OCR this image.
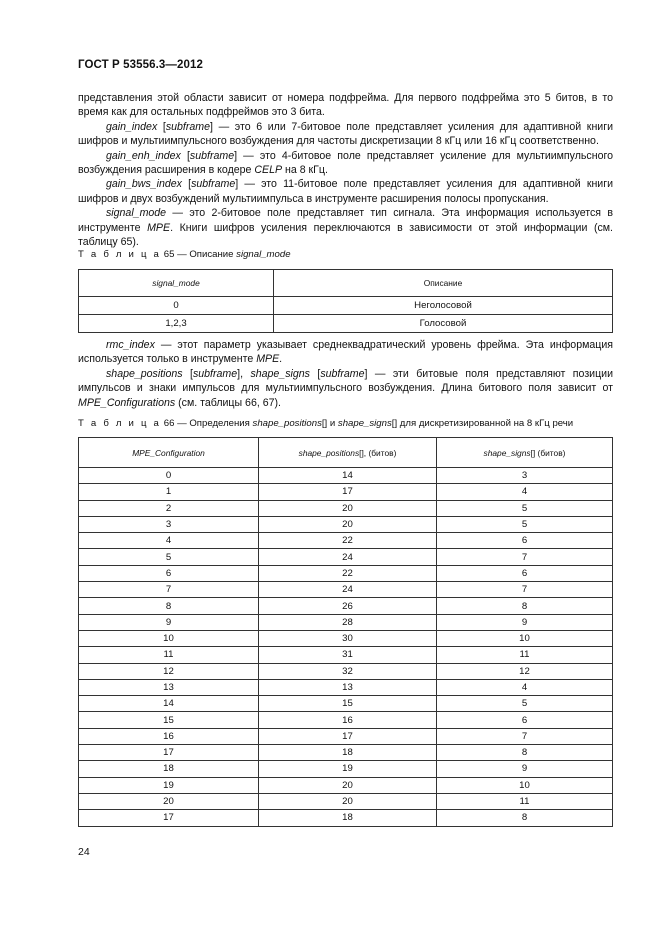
ГОСТ Р 53556.3—2012

представления этой области зависит от номера подфрейма. Для первого подфрейма это 5 битов, в то время как для остальных подфреймов это 3 бита.

gain_index [subframe] — это 6 или 7-битовое поле представляет усиления для адаптивной книги шифров и мультиимпульсного возбуждения для частоты дискретизации 8 кГц или 16 кГц соответственно.

gain_enh_index [subframe] — это 4-битовое поле представляет усиление для мультиимпульсного возбуждения расширения в кодере CELP на 8 кГц.

gain_bws_index [subframe] — это 11-битовое поле представляет усиления для адаптивной книги шифров и двух возбуждений мультиимпульса в инструменте расширения полосы пропускания.

signal_mode — это 2-битовое поле представляет тип сигнала. Эта информация используется в инструменте MPE. Книги шифров усиления переключаются в зависимости от этой информации (см. таблицу 65).

Т а б л и ц а 65 — Описание signal_mode
signal_mode	Описание
0	Неголосовой
1,2,3	Голосовой

rmc_index — этот параметр указывает среднеквадратический уровень фрейма. Эта информация используется только в инструменте MPE.

shape_positions [subframe], shape_signs [subframe] — эти битовые поля представляют позиции импульсов и знаки импульсов для мультиимпульсного возбуждения. Длина битового поля зависит от MPE_Configurations (см. таблицы 66, 67).

Т а б л и ц а 66 — Определения shape_positions[] и shape_signs[] для дискретизированной на 8 кГц речи
MPE_Configuration	shape_positions[], (битов)	shape_signs[] (битов)
0	14	3
1	17	4
2	20	5
3	20	5
4	22	6
5	24	7
6	22	6
7	24	7
8	26	8
9	28	9
10	30	10
11	31	11
12	32	12
13	13	4
14	15	5
15	16	6
16	17	7
17	18	8
18	19	9
19	20	10
20	20	11
17	18	8
24
